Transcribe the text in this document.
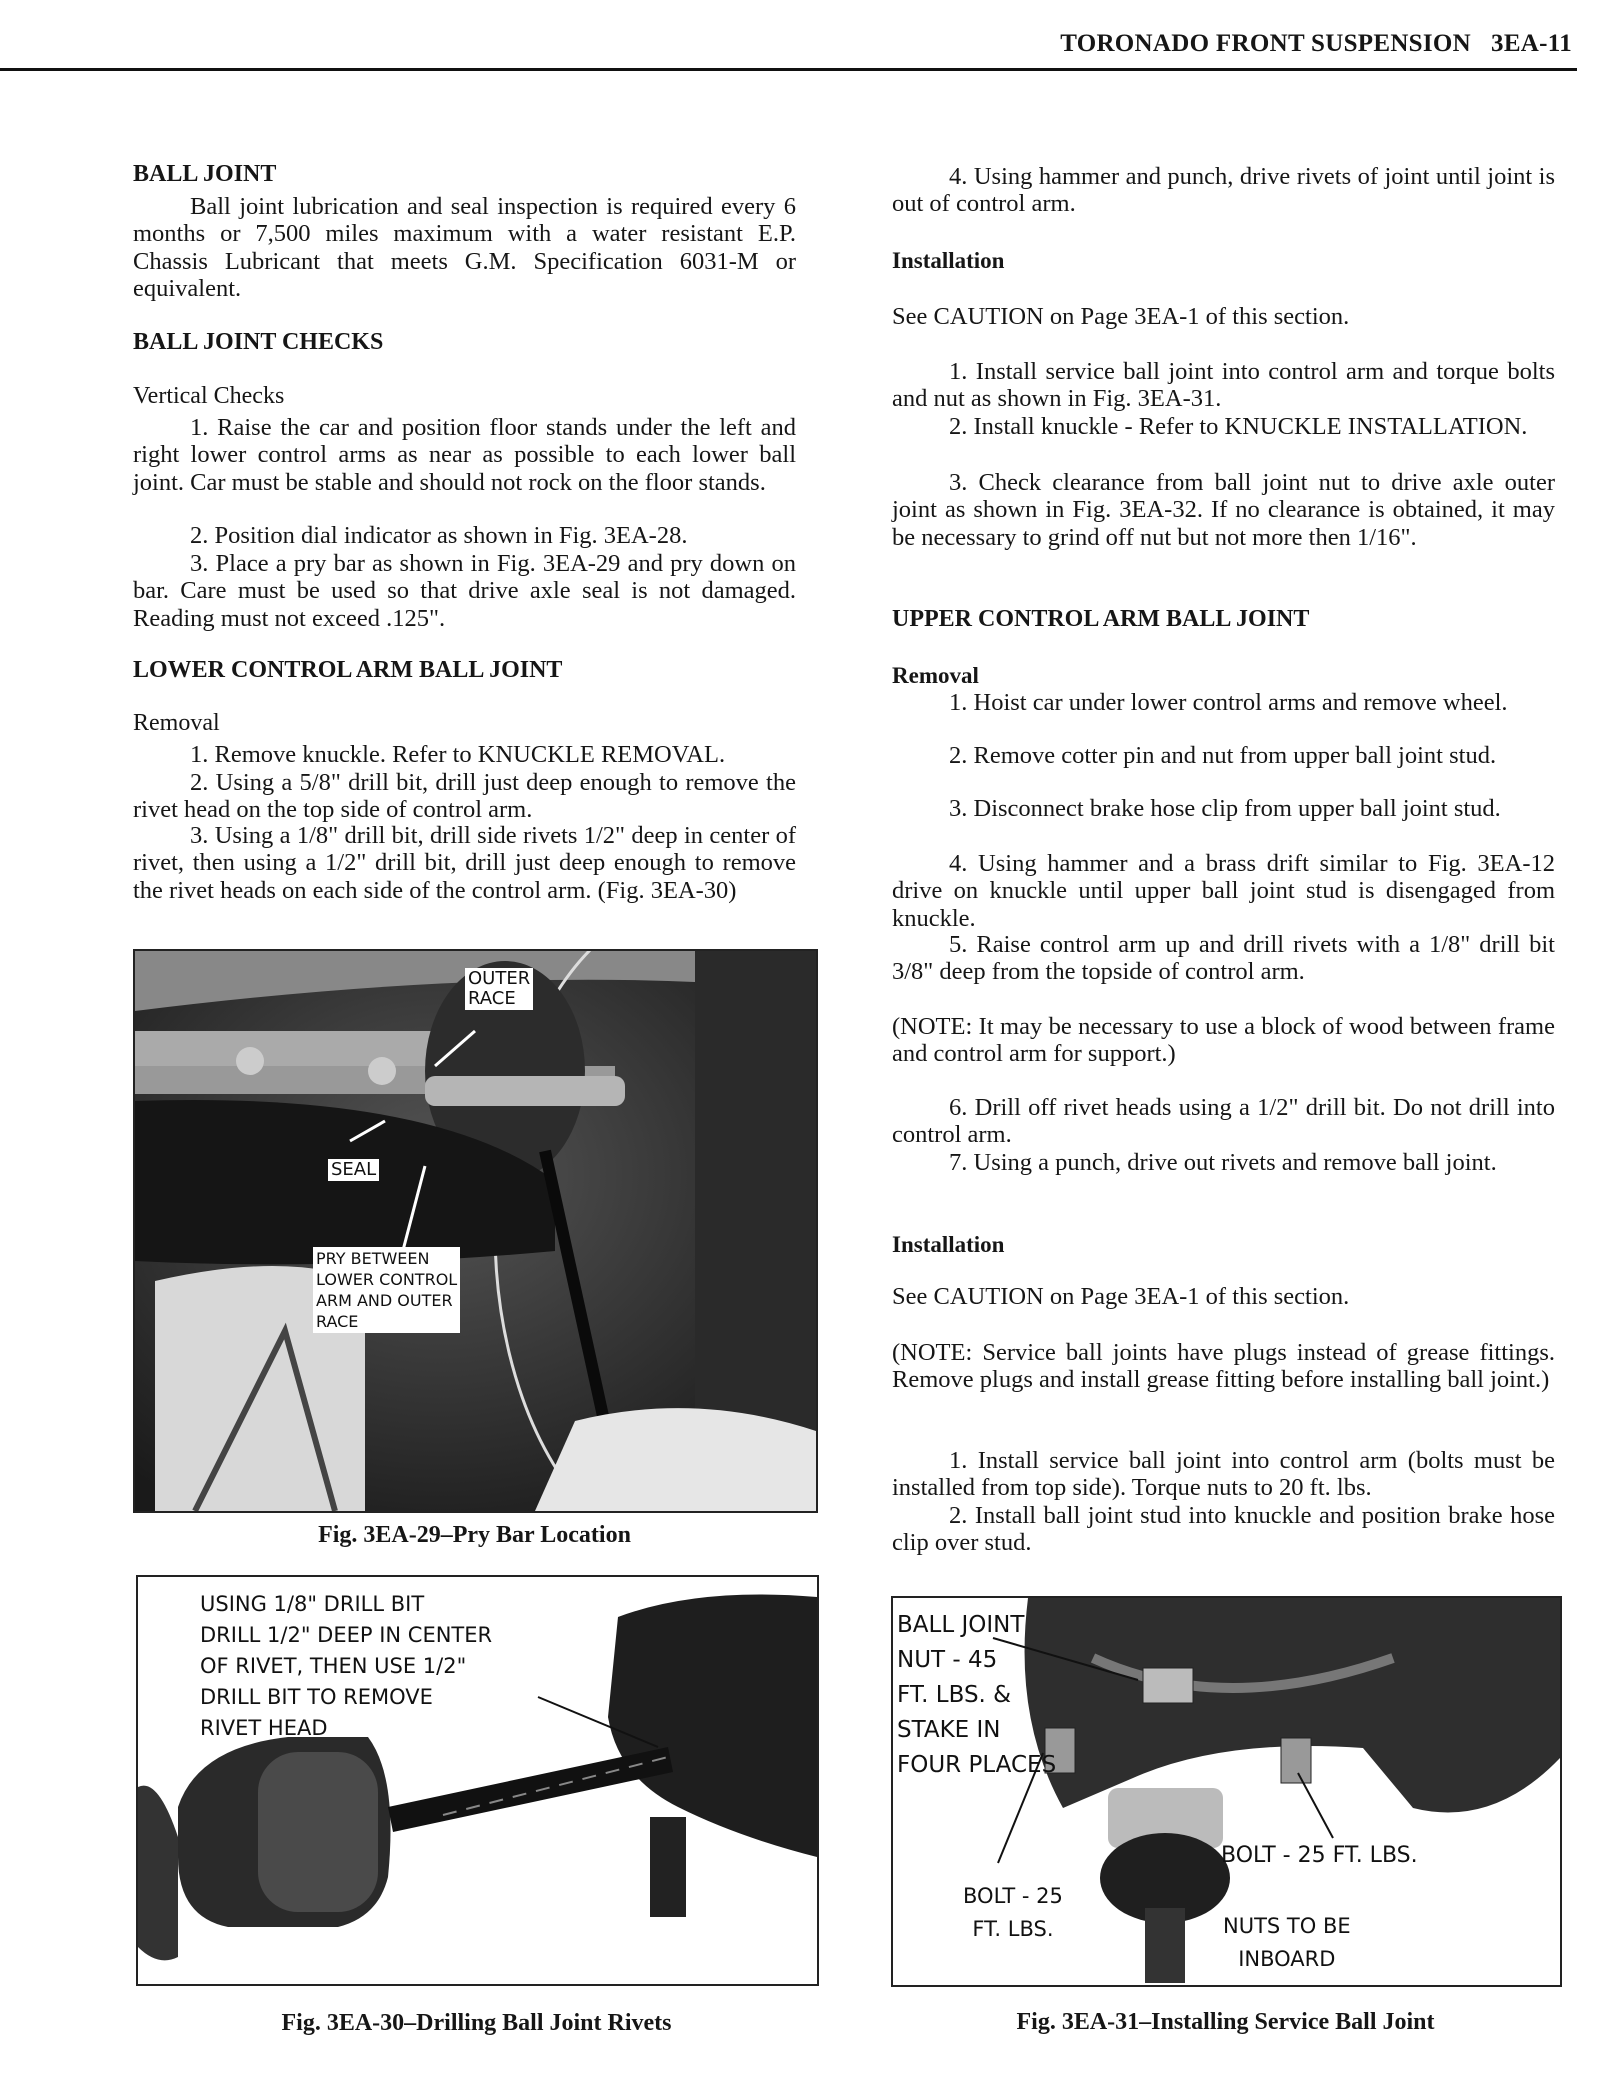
TORONADO FRONT SUSPENSION 3EA-11
BALL JOINT
Ball joint lubrication and seal inspection is required every 6 months or 7,500 miles maximum with a water resistant E.P. Chassis Lubricant that meets G.M. Specification 6031-M or equivalent.
BALL JOINT CHECKS
Vertical Checks
1. Raise the car and position floor stands under the left and right lower control arms as near as possible to each lower ball joint. Car must be stable and should not rock on the floor stands.
2. Position dial indicator as shown in Fig. 3EA-28.
3. Place a pry bar as shown in Fig. 3EA-29 and pry down on bar. Care must be used so that drive axle seal is not damaged. Reading must not exceed .125".
LOWER CONTROL ARM BALL JOINT
Removal
1. Remove knuckle. Refer to KNUCKLE REMOVAL.
2. Using a 5/8" drill bit, drill just deep enough to remove the rivet head on the top side of control arm.
3. Using a 1/8" drill bit, drill side rivets 1/2" deep in center of rivet, then using a 1/2" drill bit, drill just deep enough to remove the rivet heads on each side of the control arm. (Fig. 3EA-30)
4. Using hammer and punch, drive rivets of joint until joint is out of control arm.
Installation
See CAUTION on Page 3EA-1 of this section.
1. Install service ball joint into control arm and torque bolts and nut as shown in Fig. 3EA-31.
2. Install knuckle - Refer to KNUCKLE INSTALLATION.
3. Check clearance from ball joint nut to drive axle outer joint as shown in Fig. 3EA-32. If no clearance is obtained, it may be necessary to grind off nut but not more then 1/16".
UPPER CONTROL ARM BALL JOINT
Removal
1. Hoist car under lower control arms and remove wheel.
2. Remove cotter pin and nut from upper ball joint stud.
3. Disconnect brake hose clip from upper ball joint stud.
4. Using hammer and a brass drift similar to Fig. 3EA-12 drive on knuckle until upper ball joint stud is disengaged from knuckle.
5. Raise control arm up and drill rivets with a 1/8" drill bit 3/8" deep from the topside of control arm.
(NOTE: It may be necessary to use a block of wood between frame and control arm for support.)
6. Drill off rivet heads using a 1/2" drill bit. Do not drill into control arm.
7. Using a punch, drive out rivets and remove ball joint.
Installation
See CAUTION on Page 3EA-1 of this section.
(NOTE: Service ball joints have plugs instead of grease fittings. Remove plugs and install grease fitting before installing ball joint.)
1. Install service ball joint into control arm (bolts must be installed from top side). Torque nuts to 20 ft. lbs.
2. Install ball joint stud into knuckle and position brake hose clip over stud.
OUTER
RACE
SEAL
PRY BETWEEN
LOWER CONTROL
ARM AND OUTER
RACE
Fig. 3EA-29–Pry Bar Location
USING 1/8" DRILL BIT
DRILL 1/2" DEEP IN CENTER
OF RIVET, THEN USE 1/2"
DRILL BIT TO REMOVE
RIVET HEAD
Fig. 3EA-30–Drilling Ball Joint Rivets
BALL JOINT
NUT - 45
FT. LBS. &
STAKE IN
FOUR PLACES
BOLT - 25 FT. LBS.
BOLT - 25
FT. LBS.	NUTS TO BE
INBOARD
Fig. 3EA-31–Installing Service Ball Joint
